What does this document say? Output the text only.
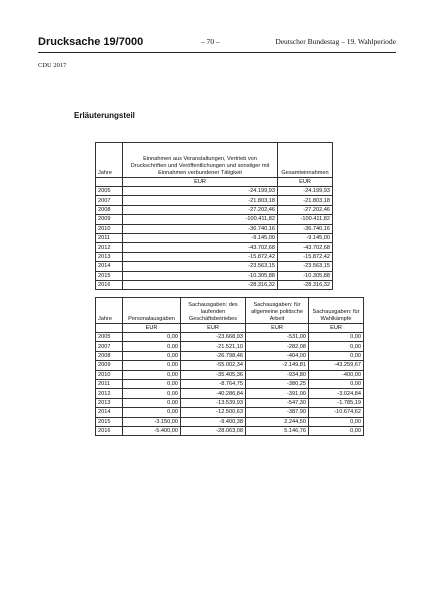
Drucksache 19/7000	– 70 –	Deutscher Bundestag – 19. Wahlperiode
CDU 2017
Erläuterungsteil
Jahre	Einnahmen aus Veranstaltungen, Vertrieb von Druckschriften und Veröffentlichungen und sonstiger mit Einnahmen verbundener Tätigkeit	Gesamteinnahmen
	EUR	EUR
2005	-24.199,93	-24.199,93
2007	-21.803,18	-21.803,18
2008	-27.202,46	-27.202,46
2009	-100.411,82	-100.411,82
2010	-36.740,16	-36.740,16
2011	-9.145,00	-9.145,00
2012	-43.702,68	-43.702,68
2013	-15.872,42	-15.872,42
2014	-23.563,15	-23.563,15
2015	-10.305,88	-10.305,88
2016	-28.316,32	-28.316,32
Jahre	Personalausgaben	Sachausgaben: des laufenden Geschäftsbetriebes	Sachausgaben: für allgemeine politische Arbeit	Sachausgaben: für Wahlkämpfe
	EUR	EUR	EUR	EUR
2005	0,00	-23.668,93	-531,00	0,00
2007	0,00	-21.521,10	-282,08	0,00
2008	0,00	-26.798,46	-404,00	0,00
2009	0,00	-55.002,34	-2.149,81	-43.259,67
2010	0,00	-35.405,36	-934,80	-400,00
2011	0,00	-8.764,75	-380,25	0,00
2012	0,00	-40.286,84	-391,00	-3.024,84
2013	0,00	-13.539,93	-547,30	-1.785,19
2014	0,00	-12.500,63	-387,90	-10.674,62
2015	-3.150,00	-9.400,38	2.244,50	0,00
2016	-5.400,00	-28.063,08	5.146,76	0,00
